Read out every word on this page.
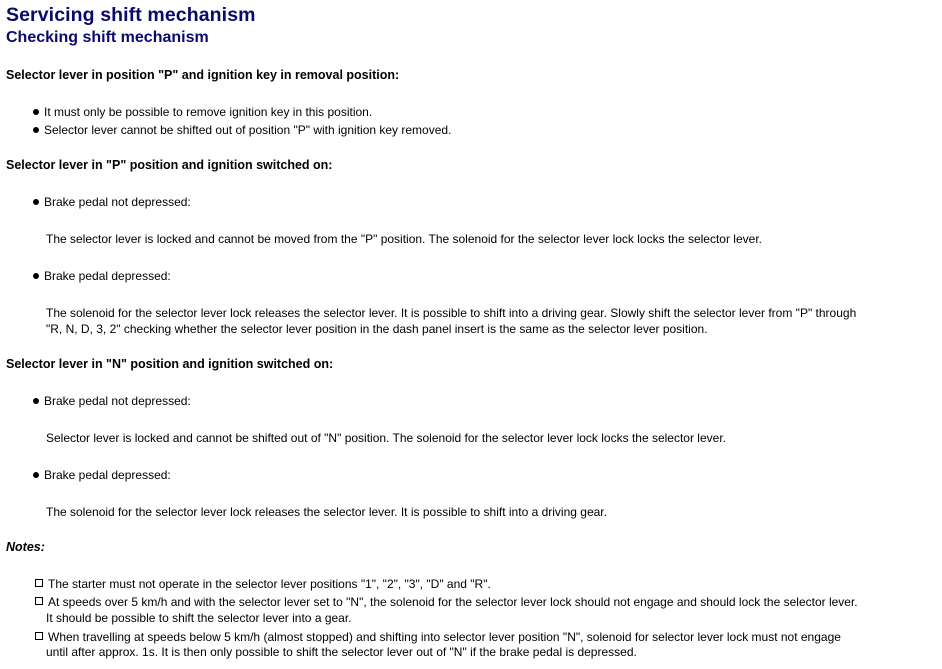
Servicing shift mechanism
Checking shift mechanism
Selector lever in position "P" and ignition key in removal position:
It must only be possible to remove ignition key in this position.
Selector lever cannot be shifted out of position "P" with ignition key removed.
Selector lever in "P" position and ignition switched on:
Brake pedal not depressed:
The selector lever is locked and cannot be moved from the "P" position. The solenoid for the selector lever lock locks the selector lever.
Brake pedal depressed:
The solenoid for the selector lever lock releases the selector lever. It is possible to shift into a driving gear. Slowly shift the selector lever from "P" through
"R, N, D, 3, 2" checking whether the selector lever position in the dash panel insert is the same as the selector lever position.
Selector lever in "N" position and ignition switched on:
Brake pedal not depressed:
Selector lever is locked and cannot be shifted out of "N" position. The solenoid for the selector lever lock locks the selector lever.
Brake pedal depressed:
The solenoid for the selector lever lock releases the selector lever. It is possible to shift into a driving gear.
Notes:
The starter must not operate in the selector lever positions "1", "2", "3", "D" and "R".
At speeds over 5 km/h and with the selector lever set to "N", the solenoid for the selector lever lock should not engage and should lock the selector lever.
It should be possible to shift the selector lever into a gear.
When travelling at speeds below 5 km/h (almost stopped) and shifting into selector lever position "N", solenoid for selector lever lock must not engage
until after approx. 1s. It is then only possible to shift the selector lever out of "N" if the brake pedal is depressed.
